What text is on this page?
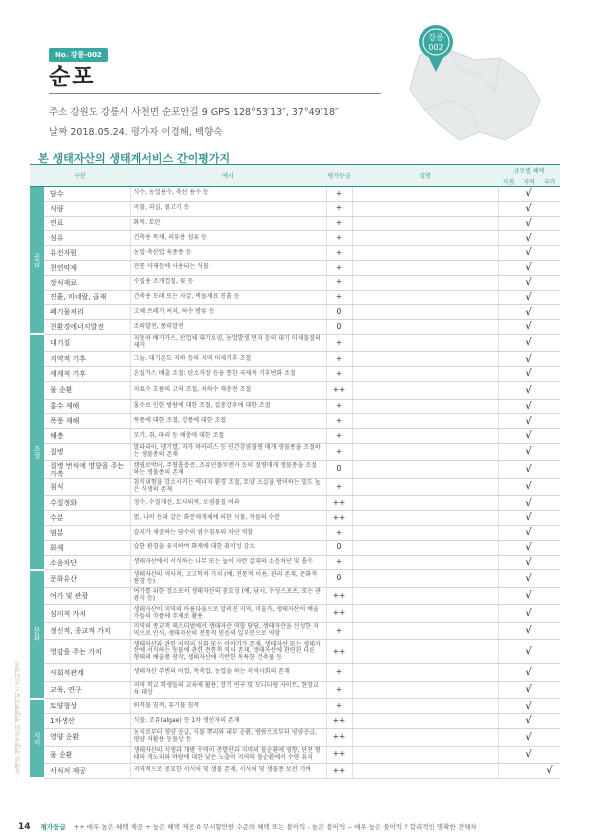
No. 강릉-002
순포
주소 강원도 강릉시 사천면 순포안길 9 GPS 128°53′13″, 37°49′18″
날짜 2018.05.24. 평가자 이경해, 백향숙
강릉
002
본 생태자산의 생태계서비스 간이평가지
구분		예시	평가등급	설명	규모별 혜택
지점 지역 국가		

공급	담수	식수, 농업용수, 축산 용수 등	+			√	
	식량	곡물, 과실, 물고기 등	+			√	
	연료	화목, 토탄	+			√	
	섬유	건축용 목재, 의류용 섬유 등	+			√	
	유전자원	농업·축산업 육종종 등	+			√	
	천연약재	전통 약재등에 사용되는 식물	+			√	
	장식재료	수집용 조개껍질, 꽃 등	+			√	
	진흙, 미네랄, 골재	건축용 모래 또는 자갈, 벽돌재료 진흙 등	+			√	
	폐기물처리	고체 쓰레기 처치, 하수 방류 등	0			√	
	친환경에너지발전	조력발전, 풍력발전	0			√	
조절	대기질	지동차 배기가스, 산업체 대기오염, 농업발생 먼지 등의 대기 미세물질의 제거	+			√	
	지역적 기후	그늘, 대기온도 지하 등의 지역 미세기후 조절	+			√	
	세계적 기후	온실가스 배출 조절: 탄소저장 등을 통한 국제적 기후변화 조절	+			√	
	물 순환	지표수 흐름의 고저 조절, 지하수 재충전 조절	++			√	
	홍수 재해	홍수로 인한 범람에 대한 조절, 집중강우에 대한 조절	+			√	
	폭풍 재해	폭풍에 대한 조절, 강풍에 대한 조절	+			√	
	해충	모기, 쥐, 파리 등 해충에 대한 조절	+			√	
	질병	말라리아, 댕기열, 지카 바이러스 등 인간감염질병 매개 생물종을 조절하는 생물종의 존재	+			√	
	질병 번식에 영향을 주는 가축	캠필로박터, 주혈흡충증, 조류인플루엔자 등의 질병매개 생물종을 조절하는 생물종의 존재	0			√	
	침식	침식위험을 감소시키는 에너지 환경 조절, 토양 소실을 방어하는 밀도 높은 식생의 존재	+			√	
	수질정화	정수, 수질개선, 토사퇴적, 오염물질 여과	++			√	
	수분	벌, 나비 등과 같은 화분매개체에 의한 식물, 작물의 수분	++			√	
	염분	습지가 제공하는 담수의 염수침투의 차단 역할	+			√	
	화재	습한 환경을 유지하여 화재에 대한 취약성 감소	0			√	
	소음차단	생태자산에서 서식하는 나무 또는 높이 자란 갈대의 소음차단 및 흡수	+			√	
문화	문화유산	생태자산의 역사적, 고고학적 가치 (예, 전통적 이용, 관리 존재, 문화적 풍경 등)	0			√	
	여가 및 관광	여가를 위한 장소로서 생태자산의 중요성 (예, 낚시, 수상스포츠, 또는 관광지 등)	++			√	
	심미적 가치	생태자산이 지역의 아름다움으로 알려진 지역, 미술가, 생태자산이 예술가들의 작품에 주제로 활용	++			√	
	정신적, 종교적 가치	지역의 종교적 페스티벌에서 생태자산 역할 담당, 생태자산을 신성한 지역으로 인식, 생태자산의 전통적 믿음의 일부분으로 역할	+			√	
	영감을 주는 가치	생태자산과 관련 지역의 신화 또는 이야기가 존재, 생태자산 또는 생태자산에 서식하는 동물에 관련 전통적 역사 존재, 생태자산에 관련된 다른 형태의 예술품 창작, 생태자산에 기반한 독특한 건축물 등	++			√	
	사회적관계	생태자산 주변의 어업, 목축업, 농업을 하는 지역사회의 존재	+			√	
	교육, 연구	지역 학교 학생들의 교육에 활용, 장기 연구 및 모니터링 사이트, 현장교육 대상	+			√	
지지	토양형성	퇴적물 침적, 유기물 침적	+			√	
	1차생산	식물, 조류(algae) 등 1차 생산자의 존재	++			√	
	영양 순환	농지로부터 영양 공급, 식물 뿌리와 내부 순환, 범람으로부터 영양공급, 영양 저활용 등물상 등	++			√	
	물 순환	생태자산의 식생과 개방 수역이 증발산과 지역의 물순환에 영향, 단천 형태의 개노피와 바람에 대한 낮은 노출이 지역의 물순환에서 수량 유지	++			√	
	서식처 제공	지역적으로 중요한 서식처 및 생물 존재, 서식처 및 생물종 보전 기여	++				√
동해안 생태자산의 생태계서비스 간이평가
14 평가등급 ++ 매우 높은 혜택 제공 + 높은 혜택 제공 0 무시할만한 수준의 혜택 또는 불이익 - 높은 불이익 -- 매우 높은 불이익 ? 합리적인 명확한 견해차
